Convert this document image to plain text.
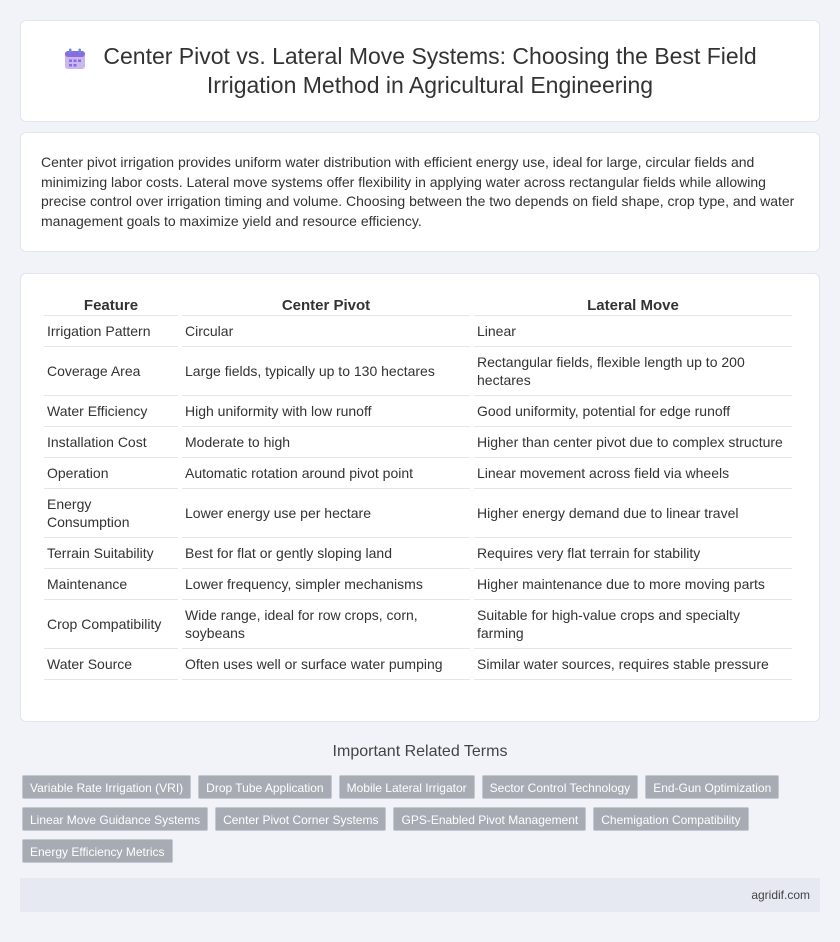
Center Pivot vs. Lateral Move Systems: Choosing the Best Field Irrigation Method in Agricultural Engineering

Center pivot irrigation provides uniform water distribution with efficient energy use, ideal for large, circular fields and minimizing labor costs. Lateral move systems offer flexibility in applying water across rectangular fields while allowing precise control over irrigation timing and volume. Choosing between the two depends on field shape, crop type, and water management goals to maximize yield and resource efficiency.

Feature	Center Pivot	Lateral Move
Irrigation Pattern	Circular	Linear
Coverage Area	Large fields, typically up to 130 hectares	Rectangular fields, flexible length up to 200 hectares
Water Efficiency	High uniformity with low runoff	Good uniformity, potential for edge runoff
Installation Cost	Moderate to high	Higher than center pivot due to complex structure
Operation	Automatic rotation around pivot point	Linear movement across field via wheels
Energy Consumption	Lower energy use per hectare	Higher energy demand due to linear travel
Terrain Suitability	Best for flat or gently sloping land	Requires very flat terrain for stability
Maintenance	Lower frequency, simpler mechanisms	Higher maintenance due to more moving parts
Crop Compatibility	Wide range, ideal for row crops, corn, soybeans	Suitable for high-value crops and specialty farming
Water Source	Often uses well or surface water pumping	Similar water sources, requires stable pressure
Important Related Terms
Variable Rate Irrigation (VRI)	Drop Tube Application	Mobile Lateral Irrigator	Sector Control Technology	End-Gun Optimization
Linear Move Guidance Systems	Center Pivot Corner Systems	GPS-Enabled Pivot Management	Chemigation Compatibility
Energy Efficiency Metrics
agridif.com
